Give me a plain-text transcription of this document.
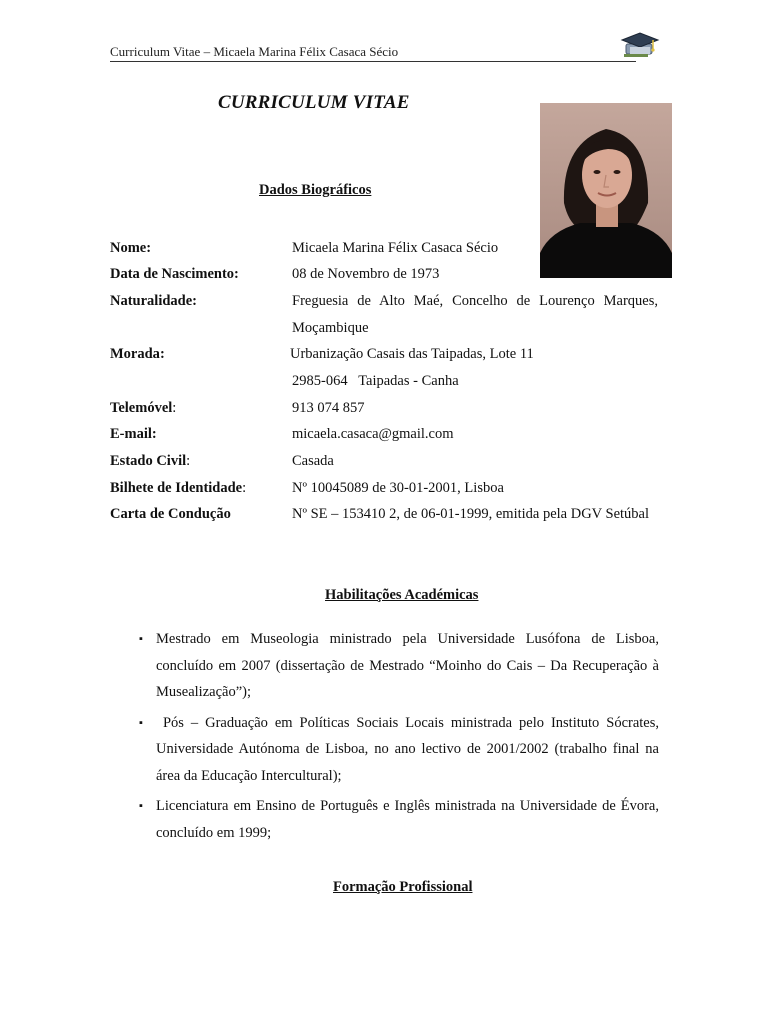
Curriculum Vitae – Micaela Marina Félix Casaca Sécio
CURRICULUM VITAE
Dados Biográficos
Nome:	Micaela Marina Félix Casaca Sécio
Data de Nascimento:	08 de Novembro de 1973
Naturalidade:	Freguesia de Alto Maé, Concelho de Lourenço Marques, Moçambique
Morada:	Urbanização Casais das Taipadas, Lote 11
2985-064   Taipadas - Canha
Telemóvel:	913 074 857
E-mail:	micaela.casaca@gmail.com
Estado Civil:	Casada
Bilhete de Identidade:	Nº 10045089 de 30-01-2001, Lisboa
Carta de Condução	Nº SE – 153410 2, de 06-01-1999, emitida pela DGV Setúbal
Habilitações Académicas
▪ Mestrado em Museologia ministrado pela Universidade Lusófona de Lisboa, concluído em 2007 (dissertação de Mestrado “Moinho do Cais – Da Recuperação à Musealização”);
▪ Pós – Graduação em Políticas Sociais Locais ministrada pelo Instituto Sócrates, Universidade Autónoma de Lisboa, no ano lectivo de 2001/2002 (trabalho final na área da Educação Intercultural);
▪ Licenciatura em Ensino de Português e Inglês ministrada na Universidade de Évora, concluído em 1999;
Formação Profissional
